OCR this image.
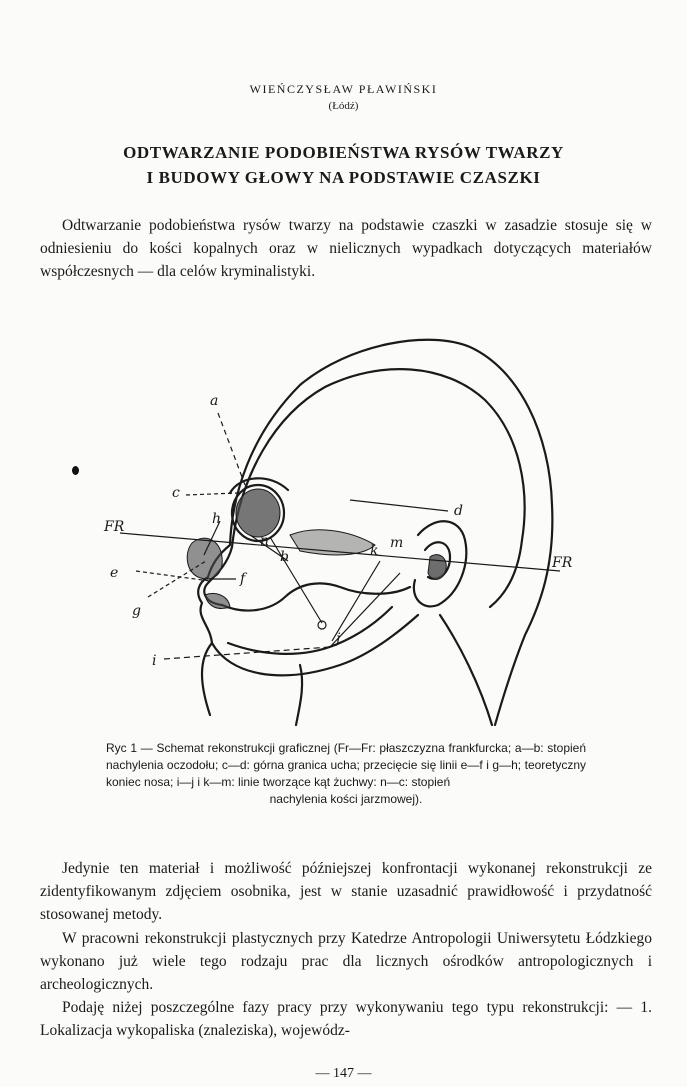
WIEŃCZYSŁAW PŁAWIŃSKI
(Łódź)
ODTWARZANIE PODOBIEŃSTWA RYSÓW TWARZY
I BUDOWY GŁOWY NA PODSTAWIE CZASZKI

Odtwarzanie podobieństwa rysów twarzy na podstawie czaszki w zasadzie stosuje się w odniesieniu do kości kopalnych oraz w nielicznych wypadkach dotyczących materiałów współczesnych — dla celów kryminalistyki.

a
b
c
d
e	f
g
h
i
j
k m
n
FR
FR
Ryc 1 — Schemat rekonstrukcji graficznej (Fr—Fr: płaszczyzna frankfurcka; a—b: stopień nachylenia oczodołu; c—d: górna granica ucha; przecięcie się linii e—f i g—h; teoretyczny koniec nosa; i—j i k—m: linie tworzące kąt żuchwy: n—c: stopień
nachylenia kości jarzmowej).

Jedynie ten materiał i możliwość późniejszej konfrontacji wykonanej rekonstrukcji ze zidentyfikowanym zdjęciem osobnika, jest w stanie uzasadnić prawidłowość i przydatność stosowanej metody.

W pracowni rekonstrukcji plastycznych przy Katedrze Antropologii Uniwersytetu Łódzkiego wykonano już wiele tego rodzaju prac dla licznych ośrodków antropologicznych i archeologicznych.

Podaję niżej poszczególne fazy pracy przy wykonywaniu tego typu rekonstrukcji: — 1. Lokalizacja wykopaliska (znaleziska), wojewódz-

— 147 —
